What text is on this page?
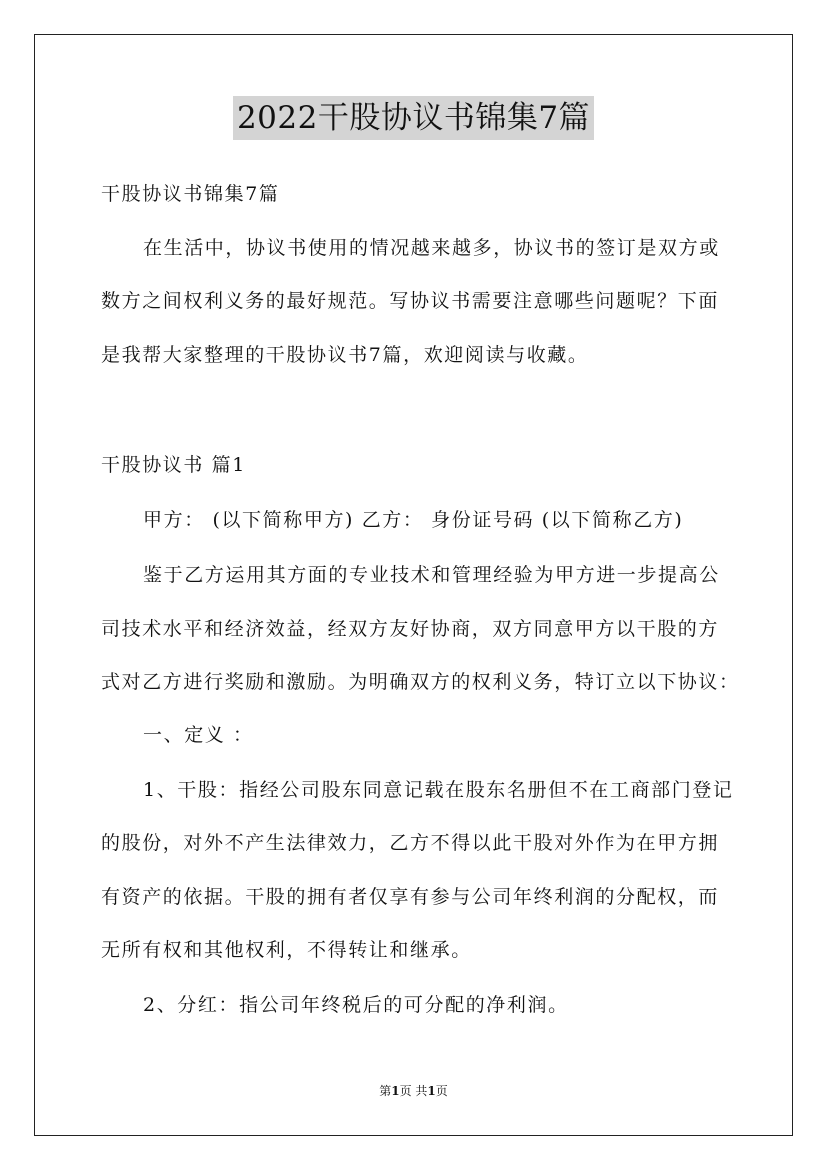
2022干股协议书锦集7篇
干股协议书锦集7篇
在生活中，协议书使用的情况越来越多，协议书的签订是双方或
数方之间权利义务的最好规范。写协议书需要注意哪些问题呢？下面
是我帮大家整理的干股协议书7篇，欢迎阅读与收藏。
干股协议书 篇1
甲方： (以下简称甲方) 乙方： 身份证号码 (以下简称乙方)
鉴于乙方运用其方面的专业技术和管理经验为甲方进一步提高公
司技术水平和经济效益，经双方友好协商，双方同意甲方以干股的方
式对乙方进行奖励和激励。为明确双方的权利义务，特订立以下协议：
一、定义 ：
1、干股：指经公司股东同意记载在股东名册但不在工商部门登记
的股份，对外不产生法律效力，乙方不得以此干股对外作为在甲方拥
有资产的依据。干股的拥有者仅享有参与公司年终利润的分配权，而
无所有权和其他权利，不得转让和继承。
2、分红：指公司年终税后的可分配的净利润。
第1页 共1页
